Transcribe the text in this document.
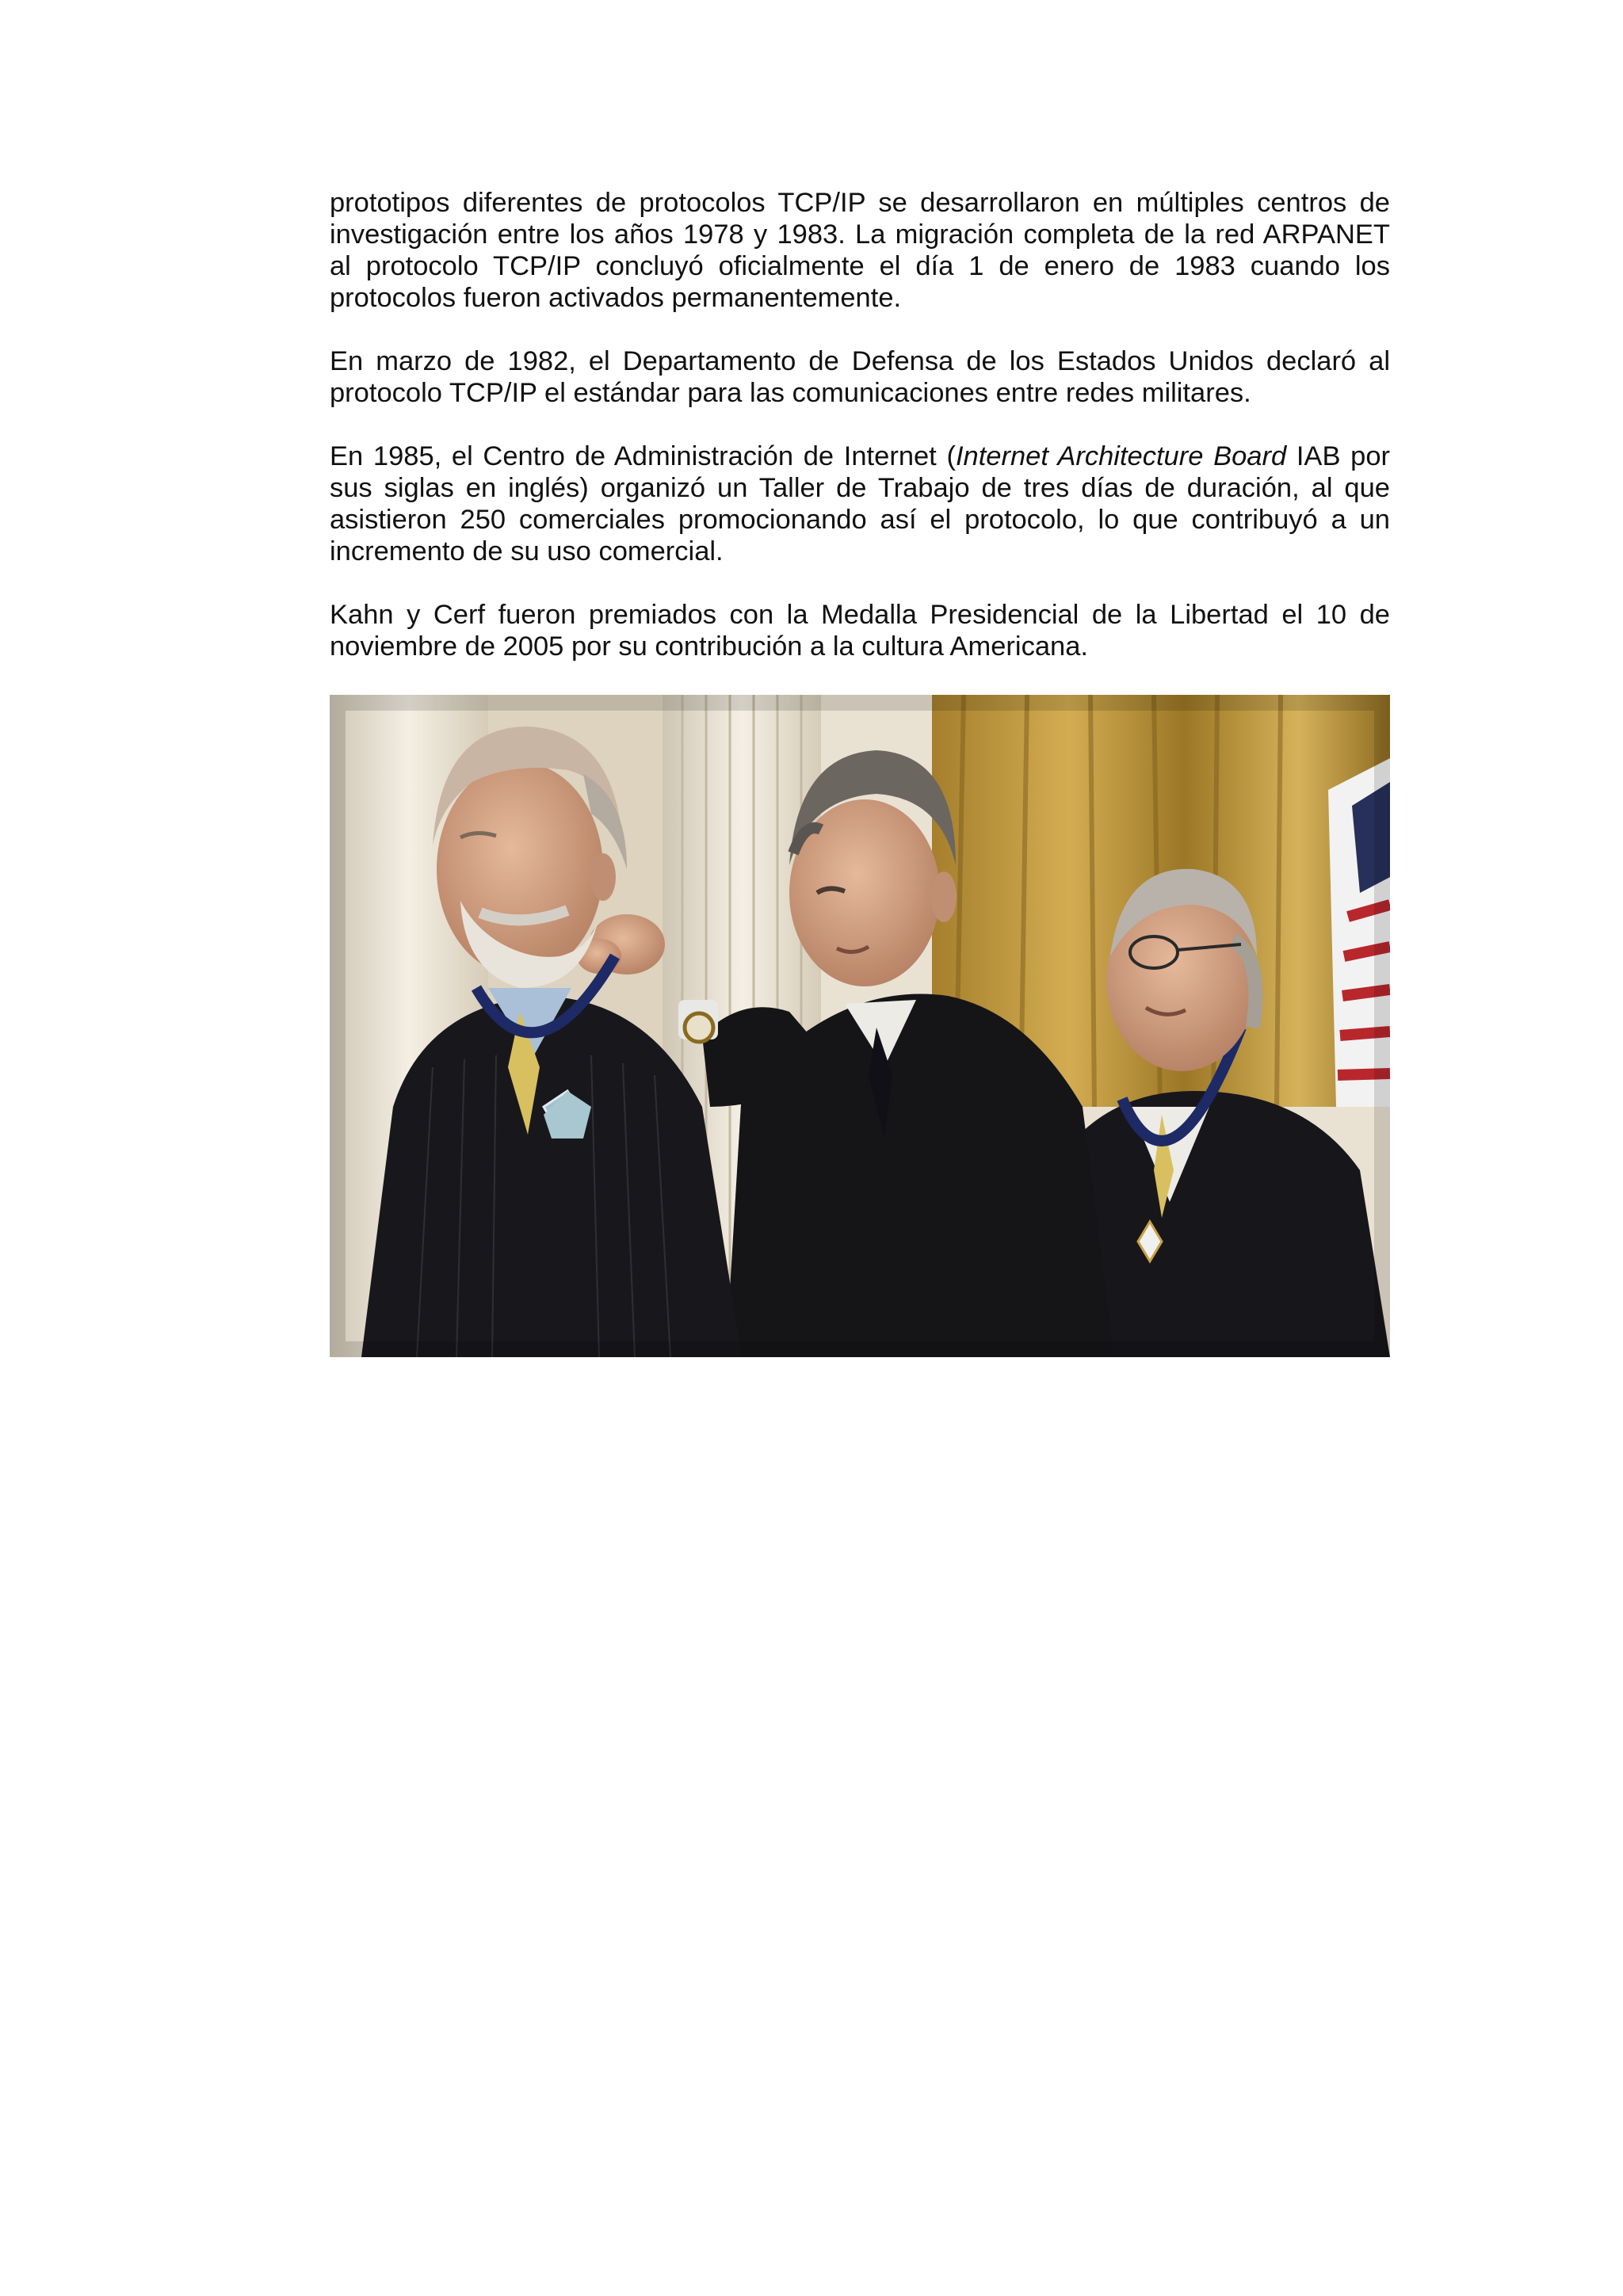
prototipos diferentes de protocolos TCP/IP se desarrollaron en múltiples centros de investigación entre los años 1978 y 1983. La migración completa de la red ARPANET al protocolo TCP/IP concluyó oficialmente el día 1 de enero de 1983 cuando los protocolos fueron activados permanentemente.

En marzo de 1982, el Departamento de Defensa de los Estados Unidos declaró al protocolo TCP/IP el estándar para las comunicaciones entre redes militares.

En 1985, el Centro de Administración de Internet (Internet Architecture Board IAB por sus siglas en inglés) organizó un Taller de Trabajo de tres días de duración, al que asistieron 250 comerciales promocionando así el protocolo, lo que contribuyó a un incremento de su uso comercial.

Kahn y Cerf fueron premiados con la Medalla Presidencial de la Libertad el 10 de noviembre de 2005 por su contribución a la cultura Americana.
